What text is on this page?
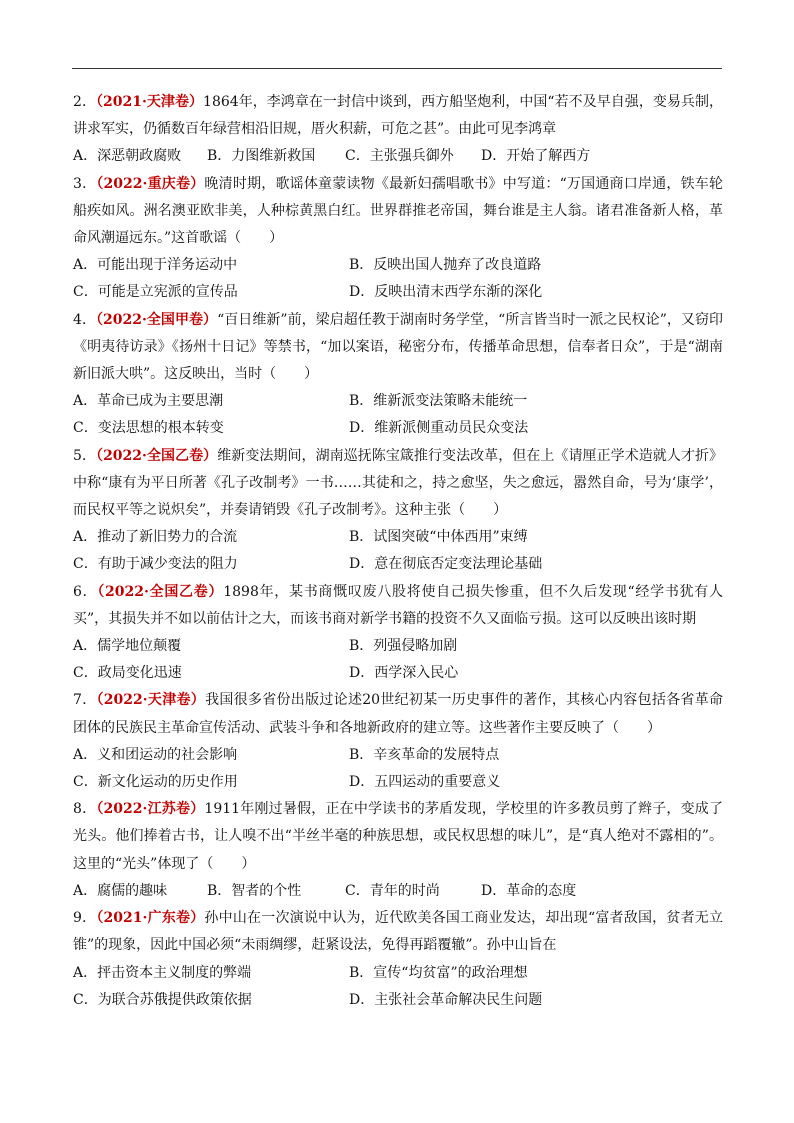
2．（2021·天津卷）1864年，李鸿章在一封信中谈到，西方船坚炮利，中国“若不及早自强，变易兵制，讲求军实，仍循数百年绿营相沿旧规，厝火积薪，可危之甚”。由此可见李鸿章

A．深恶朝政腐败	B．力图维新救国	C．主张强兵御外	D．开始了解西方

3．（2022·重庆卷）晚清时期，歌谣体童蒙读物《最新妇孺唱歌书》中写道：“万国通商口岸通，铁车轮船疾如风。洲名澳亚欧非美，人种棕黄黑白红。世界群推老帝国，舞台谁是主人翁。诸君准备新人格，革命风潮逼远东。”这首歌谣（　　）

A．可能出现于洋务运动中	B．反映出国人抛弃了改良道路
C．可能是立宪派的宣传品	D．反映出清末西学东渐的深化

4．（2022·全国甲卷）“百日维新”前，梁启超任教于湖南时务学堂，“所言皆当时一派之民权论”，又窃印《明夷待访录》《扬州十日记》等禁书，“加以案语，秘密分布，传播革命思想，信奉者日众”，于是“湖南新旧派大哄”。这反映出，当时（　　）

A．革命已成为主要思潮	B．维新派变法策略未能统一
C．变法思想的根本转变	D．维新派侧重动员民众变法

5．（2022·全国乙卷）维新变法期间，湖南巡抚陈宝箴推行变法改革，但在上《请厘正学术造就人才折》中称“康有为平日所著《孔子改制考》一书……其徒和之，持之愈坚，失之愈远，嚣然自命，号为‘康学’，而民权平等之说炽矣”，并奏请销毁《孔子改制考》。这种主张（　　）

A．推动了新旧势力的合流	B．试图突破“中体西用”束缚
C．有助于减少变法的阻力	D．意在彻底否定变法理论基础

6．（2022·全国乙卷）1898年，某书商慨叹废八股将使自己损失惨重，但不久后发现“经学书犹有人买”，其损失并不如以前估计之大，而该书商对新学书籍的投资不久又面临亏损。这可以反映出该时期

A．儒学地位颠覆	B．列强侵略加剧
C．政局变化迅速	D．西学深入民心

7．（2022·天津卷）我国很多省份出版过论述20世纪初某一历史事件的著作，其核心内容包括各省革命团体的民族民主革命宣传活动、武装斗争和各地新政府的建立等。这些著作主要反映了（　　）

A．义和团运动的社会影响	B．辛亥革命的发展特点
C．新文化运动的历史作用	D．五四运动的重要意义

8．（2022·江苏卷）1911年刚过暑假，正在中学读书的茅盾发现，学校里的许多教员剪了辫子，变成了光头。他们捧着古书，让人嗅不出“半丝半毫的种族思想，或民权思想的味儿”，是“真人绝对不露相的”。这里的“光头”体现了（　　）

A．腐儒的趣味	B．智者的个性	C．青年的时尚	D．革命的态度

9．（2021·广东卷）孙中山在一次演说中认为，近代欧美各国工商业发达，却出现“富者敌国，贫者无立锥”的现象，因此中国必须“未雨绸缪，赶紧设法，免得再蹈覆辙”。孙中山旨在

A．抨击资本主义制度的弊端	B．宣传“均贫富”的政治理想
C．为联合苏俄提供政策依据	D．主张社会革命解决民生问题
